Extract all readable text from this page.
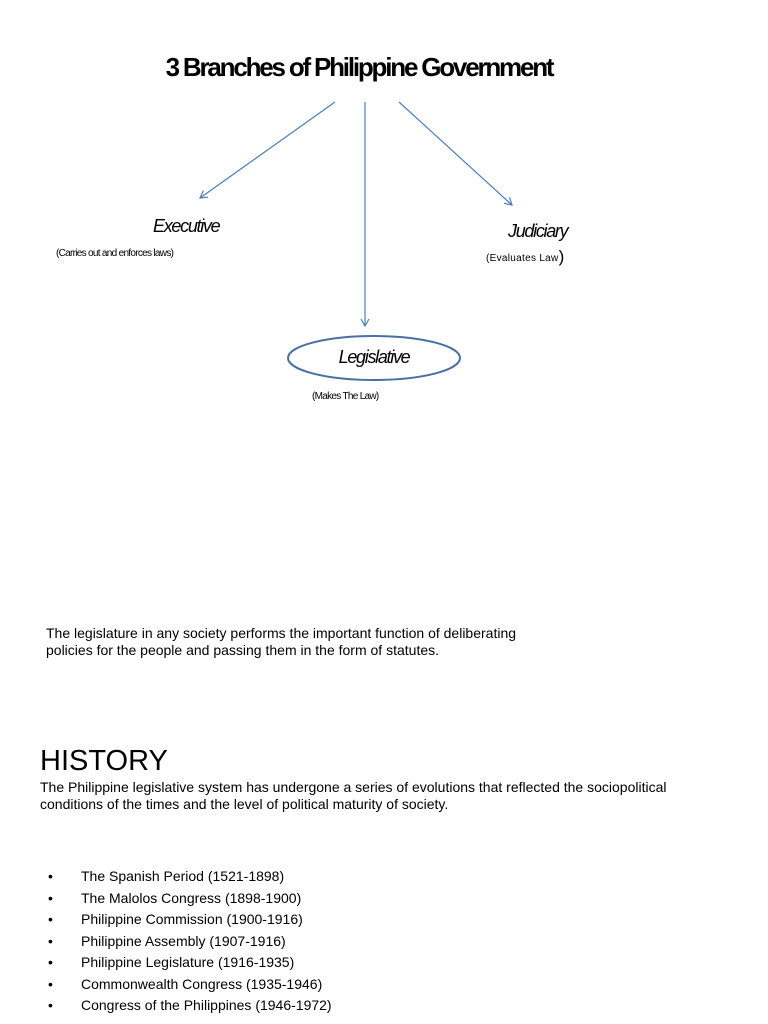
3 Branches of Philippine Government
Executive
(Carries out and enforces laws)
Judiciary
(Evaluates Law)
Legislative
(Makes The Law)
The legislature in any society performs the important function of deliberating policies for the people and passing them in the form of statutes.
HISTORY
The Philippine legislative system has undergone a series of evolutions that reflected the sociopolitical conditions of the times and the level of political maturity of society.
• The Spanish Period (1521-1898)
• The Malolos Congress (1898-1900)
• Philippine Commission (1900-1916)
• Philippine Assembly (1907-1916)
• Philippine Legislature (1916-1935)
• Commonwealth Congress (1935-1946)
• Congress of the Philippines (1946-1972)
